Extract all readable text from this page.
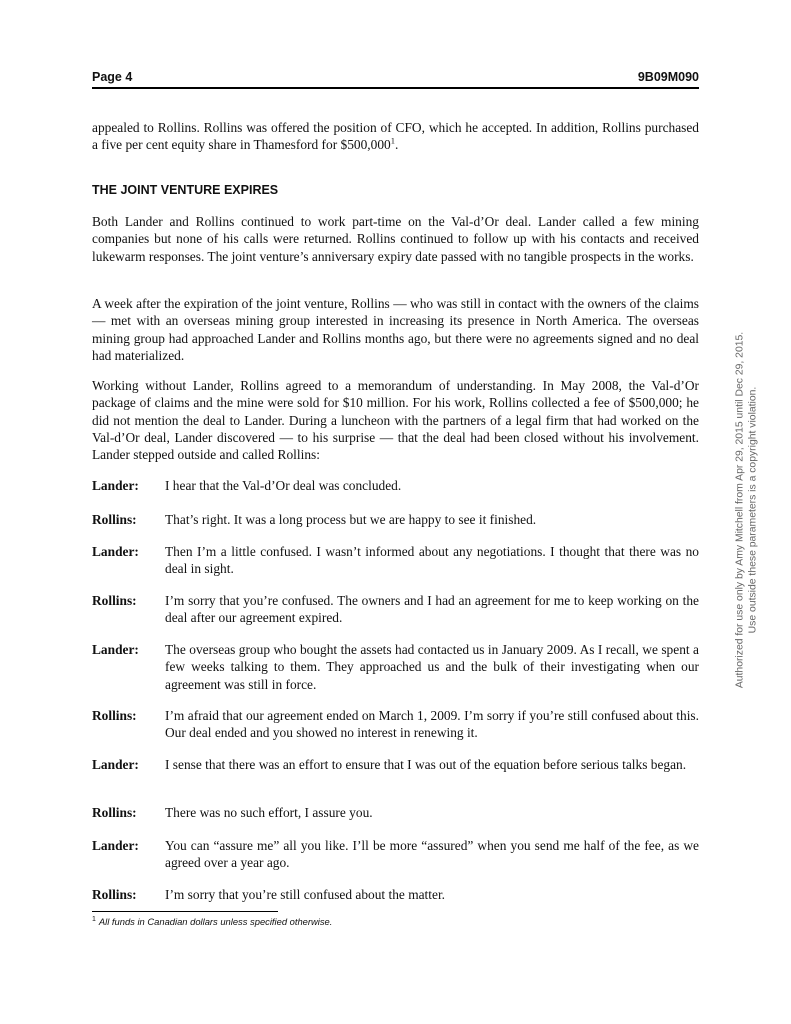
Page 4	9B09M090

appealed to Rollins. Rollins was offered the position of CFO, which he accepted. In addition, Rollins purchased a five per cent equity share in Thamesford for $500,000$^1$.

THE JOINT VENTURE EXPIRES

Both Lander and Rollins continued to work part-time on the Val-d’Or deal. Lander called a few mining companies but none of his calls were returned. Rollins continued to follow up with his contacts and received lukewarm responses. The joint venture’s anniversary expiry date passed with no tangible prospects in the works.

A week after the expiration of the joint venture, Rollins — who was still in contact with the owners of the claims — met with an overseas mining group interested in increasing its presence in North America. The overseas mining group had approached Lander and Rollins months ago, but there were no agreements signed and no deal had materialized.

Working without Lander, Rollins agreed to a memorandum of understanding. In May 2008, the Val-d’Or package of claims and the mine were sold for $10 million. For his work, Rollins collected a fee of $500,000; he did not mention the deal to Lander. During a luncheon with the partners of a legal firm that had worked on the Val-d’Or deal, Lander discovered — to his surprise — that the deal had been closed without his involvement. Lander stepped outside and called Rollins:

Lander: I hear that the Val-d’Or deal was concluded.
Rollins: That’s right. It was a long process but we are happy to see it finished.
Lander: Then I’m a little confused. I wasn’t informed about any negotiations. I thought that there was no deal in sight.
Rollins: I’m sorry that you’re confused. The owners and I had an agreement for me to keep working on the deal after our agreement expired.
Lander: The overseas group who bought the assets had contacted us in January 2009. As I recall, we spent a few weeks talking to them. They approached us and the bulk of their investigating when our agreement was still in force.
Rollins: I’m afraid that our agreement ended on March 1, 2009. I’m sorry if you’re still confused about this. Our deal ended and you showed no interest in renewing it.
Lander: I sense that there was an effort to ensure that I was out of the equation before serious talks began.
Rollins: There was no such effort, I assure you.
Lander: You can “assure me” all you like. I’ll be more “assured” when you send me half of the fee, as we agreed over a year ago.
Rollins: I’m sorry that you’re still confused about the matter.
$^1$ All funds in Canadian dollars unless specified otherwise.
Authorized for use only by Amy Mitchell from Apr 29, 2015 until Dec 29, 2015. Use outside these parameters is a copyright violation.
